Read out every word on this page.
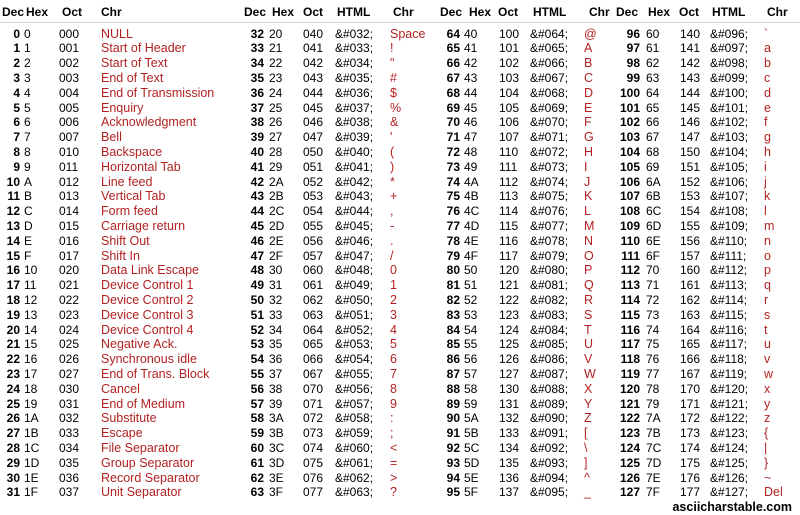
Dec Hex	Oct	Chr
0 0	000	NULL
1 1	001	Start of Header
2 2	002	Start of Text
3 3	003	End of Text
4 4	004	End of Transmission
5 5	005	Enquiry
6 6	006	Acknowledgment
7 7	007	Bell
8 8	010	Backspace
9 9	011	Horizontal Tab
10 A	012	Line feed
11 B	013	Vertical Tab
12 C	014	Form feed
13 D	015	Carriage return
14 E	016	Shift Out
15 F	017	Shift In
16 10	020	Data Link Escape
17 11	021	Device Control 1
18 12	022	Device Control 2
19 13	023	Device Control 3
20 14	024	Device Control 4
21 15	025	Negative Ack.
22 16	026	Synchronous idle
23 17	027	End of Trans. Block
24 18	030	Cancel
25 19	031	End of Medium
26 1A	032	Substitute
27 1B	033	Escape
28 1C	034	File Separator
29 1D	035	Group Separator
30 1E	036	Record Separator
31 1F	037	Unit Separator
Dec Hex Oct	HTML	Chr
32 20	040 &#032;	Space
33 21	041 &#033;	!
34 22	042 &#034;	"
35 23	043 &#035;	#
36 24	044 &#036;	$
37 25	045 &#037;	%
38 26	046 &#038;	&
39 27	047 &#039;	'
40 28	050 &#040;	(
41 29	051 &#041;	)
42 2A	052 &#042;	*
43 2B	053 &#043;	+
44 2C	054 &#044;	,
45 2D	055 &#045;	-
46 2E	056 &#046;	.
47 2F	057 &#047;	/
48 30	060 &#048;	0
49 31	061 &#049;	1
50 32	062 &#050;	2
51 33	063 &#051;	3
52 34	064 &#052;	4
53 35	065 &#053;	5
54 36	066 &#054;	6
55 37	067 &#055;	7
56 38	070 &#056;	8
57 39	071 &#057;	9
58 3A	072 &#058;	:
59 3B	073 &#059;	;
60 3C	074 &#060;	<
61 3D	075 &#061;	=
62 3E	076 &#062;	>
63 3F	077 &#063;	?
Dec Hex Oct	HTML	Chr
64 40	100 &#064;	@
65 41	101 &#065;	A
66 42	102 &#066;	B
67 43	103 &#067;	C
68 44	104 &#068;	D
69 45	105 &#069;	E
70 46	106 &#070;	F
71 47	107 &#071;	G
72 48	110 &#072;	H
73 49	111	&#073;	I
74 4A	112 &#074;	J
75 4B	113 &#075;	K
76 4C	114 &#076;	L
77 4D	115 &#077;	M
78 4E	116 &#078;	N
79 4F	117 &#079;	O
80 50	120 &#080;	P
81 51	121 &#081;	Q
82 52	122 &#082;	R
83 53	123 &#083;	S
84 54	124 &#084;	T
85 55	125 &#085;	U
86 56	126 &#086;	V
87 57	127 &#087;	W
88 58	130 &#088;	X
89 59	131 &#089;	Y
90 5A	132 &#090;	Z
91 5B	133 &#091;	[
92 5C	134 &#092;	\
93 5D	135 &#093;	]
94 5E	136 &#094;	^
95 5F	137 &#095;	_
Dec Hex Oct	HTML	Chr
96 60	140 &#096;	`
97 61	141 &#097;	a
98 62	142 &#098;	b
99 63	143 &#099;	c
100 64	144 &#100;	d
101 65	145 &#101;	e
102 66	146 &#102;	f
103 67	147 &#103;	g
104 68	150 &#104;	h
105 69	151 &#105;	i
106 6A	152 &#106;	j
107 6B	153 &#107;	k
108 6C	154 &#108;	l
109 6D	155 &#109;	m
110 6E	156 &#110;	n
111 6F	157 &#111;	o
112 70	160 &#112;	p
113 71	161 &#113;	q
114 72	162 &#114;	r
115 73	163 &#115;	s
116 74	164 &#116;	t
117 75	165 &#117;	u
118 76	166 &#118;	v
119 77	167 &#119;	w
120 78	170 &#120;	x
121 79	171 &#121;	y
122 7A	172 &#122;	z
123 7B	173 &#123;	{
124 7C	174 &#124;	|
125 7D	175 &#125;	}
126 7E	176 &#126;	~
127 7F	177 &#127;	Del
asciicharstable.com
